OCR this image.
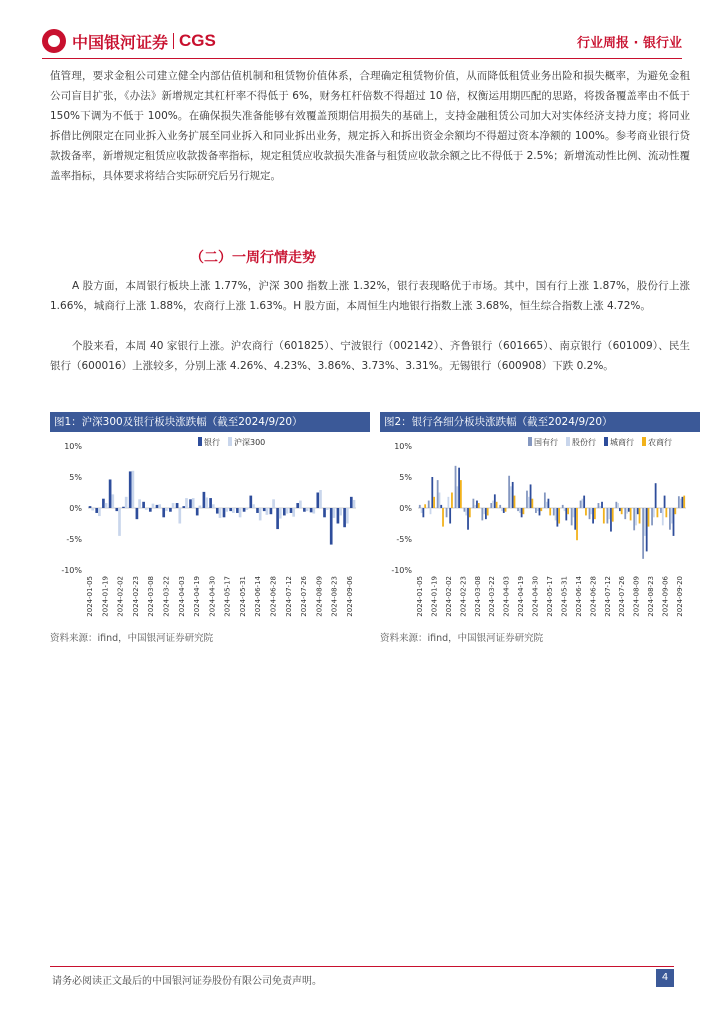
中国银河证券 CGS	行业周报 · 银行业
值管理，要求金租公司建立健全内部估值机制和租赁物价值体系，合理确定租赁物价值，从而降低租赁业务出险和损失概率，为避免金租公司盲目扩张，《办法》新增规定其杠杆率不得低于 6%，财务杠杆倍数不得超过 10 倍，权衡运用期匹配的思路，将拨备覆盖率由不低于 150%下调为不低于 100%。在确保损失准备能够有效覆盖预期信用损失的基础上，支持金融租赁公司加大对实体经济支持力度；将同业拆借比例限定在同业拆入业务扩展至同业拆入和同业拆出业务，规定拆入和拆出资金余额均不得超过资本净额的 100%。参考商业银行贷款拨备率，新增规定租赁应收款拨备率指标，规定租赁应收款损失准备与租赁应收款余额之比不得低于 2.5%；新增流动性比例、流动性覆盖率指标，具体要求将结合实际研究后另行规定。
（二）一周行情走势
A 股方面，本周银行板块上涨 1.77%，沪深 300 指数上涨 1.32%，银行表现略优于市场。其中，国有行上涨 1.87%，股份行上涨 1.66%，城商行上涨 1.88%，农商行上涨 1.63%。H 股方面，本周恒生内地银行指数上涨 3.68%，恒生综合指数上涨 4.72%。
个股来看，本周 40 家银行上涨。沪农商行（601825）、宁波银行（002142）、齐鲁银行（601665）、南京银行（601009）、民生银行（600016）上涨较多，分别上涨 4.26%、4.23%、3.86%、3.73%、3.31%。无锡银行（600908）下跌 0.2%。
图1：沪深300及银行板块涨跌幅（截至2024/9/20）
10%
5%
0%
-5%
-10%
银行 沪深300
2024-01-05 2024-01-19 2024-02-02 2024-02-23 2024-03-08 2024-03-22 2024-04-03 2024-04-19 2024-04-30 2024-05-17 2024-05-31 2024-06-14 2024-06-28 2024-07-12 2024-07-26 2024-08-09 2024-08-23 2024-09-06
资料来源：ifind，中国银河证券研究院
图2：银行各细分板块涨跌幅（截至2024/9/20）
10%
5%
0%
-5%
-10%
国有行 股份行 城商行 农商行
2024-01-05 2024-01-19 2024-02-02 2024-02-23 2024-03-08 2024-03-22 2024-04-03 2024-04-19 2024-04-30 2024-05-17 2024-05-31 2024-06-14 2024-06-28 2024-07-12 2024-07-26 2024-08-09 2024-08-23 2024-09-06 2024-09-20
资料来源：ifind，中国银河证券研究院
请务必阅读正文最后的中国银河证券股份有限公司免责声明。	4
